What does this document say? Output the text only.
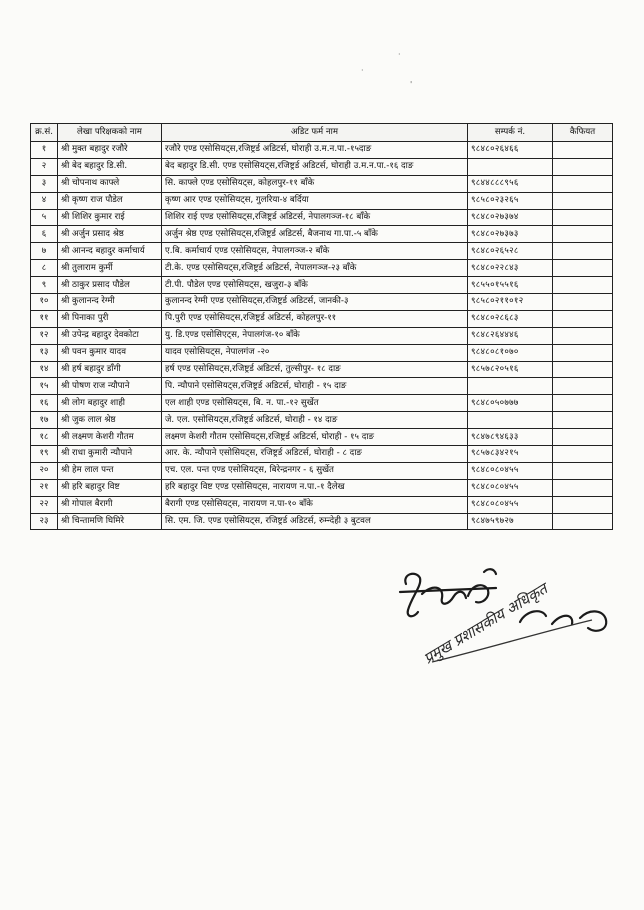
·
·
'
क्र.सं.	लेखा परिक्षकको नाम	अडिट फर्म नाम	सम्पर्क नं.	कैफियत
१	श्री मुक्त बहादुर रजौरे	रजौरे एण्ड एसोसियट्स,रजिष्ट्रर्ड अडिटर्स, घोराही उ.म.न.पा.-१५दाङ	९८४८०२६४६६	
२	श्री बेद बहादुर डि.सी.	बेद बहादुर डि.सी. एण्ड एसोसियट्स,रजिष्ट्रर्ड अडिटर्स, घोराही उ.म.न.पा.-१६ दाङ		
३	श्री चोपनाथ काफ्ले	सि. काफ्ले एण्ड एसोसियट्स, कोहलपुर-११ बाँके	९८४४८८८९५६	
४	श्री कृष्ण राज पौडेल	कृष्ण आर एण्ड एसोसियट्स, गुलरिया-४ बर्दिया	९८५८०२३२६५	
५	श्री शिशिर कुमार राई	शिशिर राई एण्ड एसोसियट्स,रजिष्ट्रर्ड अडिटर्स, नेपालगञ्ज-१८ बाँके	९८४८०२७३७४	
६	श्री अर्जुन प्रसाद श्रेष्ठ	अर्जुन श्रेष्ठ एण्ड एसोसियट्स,रजिष्ट्रर्ड अडिटर्स, बैजनाथ गा.पा.-५ बाँके	९८४८०२७३७३	
७	श्री आनन्द बहादुर कर्माचार्य	ए.बि. कर्माचार्य एण्ड एसोसियट्स, नेपालगञ्ज-२ बाँके	९८४८०२६५२८	
८	श्री तुलाराम कुर्मी	टी.के. एण्ड एसोसियट्स,रजिष्ट्रर्ड अडिटर्स, नेपालगञ्ज-२३ बाँके	९८४८०२२८४३	
९	श्री ठाकुर प्रसाद पौडेल	टी.पी. पौडेल एण्ड एसोसियट्स, खजुरा-३ बाँके	९८५५०१५५१६	
१०	श्री कुलानन्द रेग्मी	कुलानन्द रेग्मी एण्ड एसोसियट्स,रजिष्ट्रर्ड अडिटर्स, जानकी-३	९८५८०२११०१२	
११	श्री पिनाका पुरी	पि.पुरी एण्ड एसोसियट्स,रजिष्ट्रर्ड अडिटर्स, कोहलपुर-११	९८४८०२८६८३	
१२	श्री उपेन्द्र बहादुर देवकोटा	यु. डि.एण्ड एसोसिएट्स, नेपालगंज-१० बाँके	९८४८२६४४४६	
१३	श्री पवन कुमार यादव	यादव एसोसियट्स, नेपालगंज -२०	९८४८०८१०७०	
१४	श्री हर्ष बहादुर डाँगी	हर्ष एण्ड एसोसियट्स,रजिष्ट्रर्ड अडिटर्स, तुल्सीपुर- १८ दाङ	९८५७८२०५१६	
१५	श्री पोषण राज न्यौपाने	पि. न्यौपाने एसोसियट्स,रजिष्ट्रर्ड अडिटर्स, घोराही - १५ दाङ		
१६	श्री लोग बहादुर शाही	एल शाही एण्ड एसोसियट्स, बि. न. पा.-१२ सुर्खेत	९८४८०५०७७७	
१७	श्री जुक लाल श्रेष्ठ	जे. एल. एसोसियट्स,रजिष्ट्रर्ड अडिटर्स, घोराही - १४ दाङ		
१८	श्री लक्ष्मण केशरी गौतम	लक्ष्मण केशरी गौतम एसोसियट्स,रजिष्ट्रर्ड अडिटर्स, घोराही - १५ दाङ	९८४७८९४६३३	
१९	श्री राधा कुमारी न्यौपाने	आर. के. न्यौपाने एसोसियट्स, रजिष्ट्रर्ड अडिटर्स, घोराही - ८ दाङ	९८५७८३४२१५	
२०	श्री हेम लाल पन्त	एच. एल. पन्त एण्ड एसोसियट्स, बिरेन्द्रनगर - ६ सुर्खेत	९८४८०८०४५५	
२१	श्री हरि बहादुर विष्ट	हरि बहादुर विष्ट एण्ड एसोसियट्स, नारायण न.पा.-१ दैलेख	९८४८०८०४५५	
२२	श्री गोपाल बैरागी	बैरागी एण्ड एसोसियट्स, नारायण न.पा-१० बाँके	९८४८०८०४५५	
२३	श्री चिन्तामणि घिमिरे	सि. एम. जि. एण्ड एसोसियट्स, रजिष्ट्रर्ड अडिटर्स, रुम्न्देही ३ बुटवल	९८४७५९७२७	
प्रमुख प्रशासकीय अधिकृत
